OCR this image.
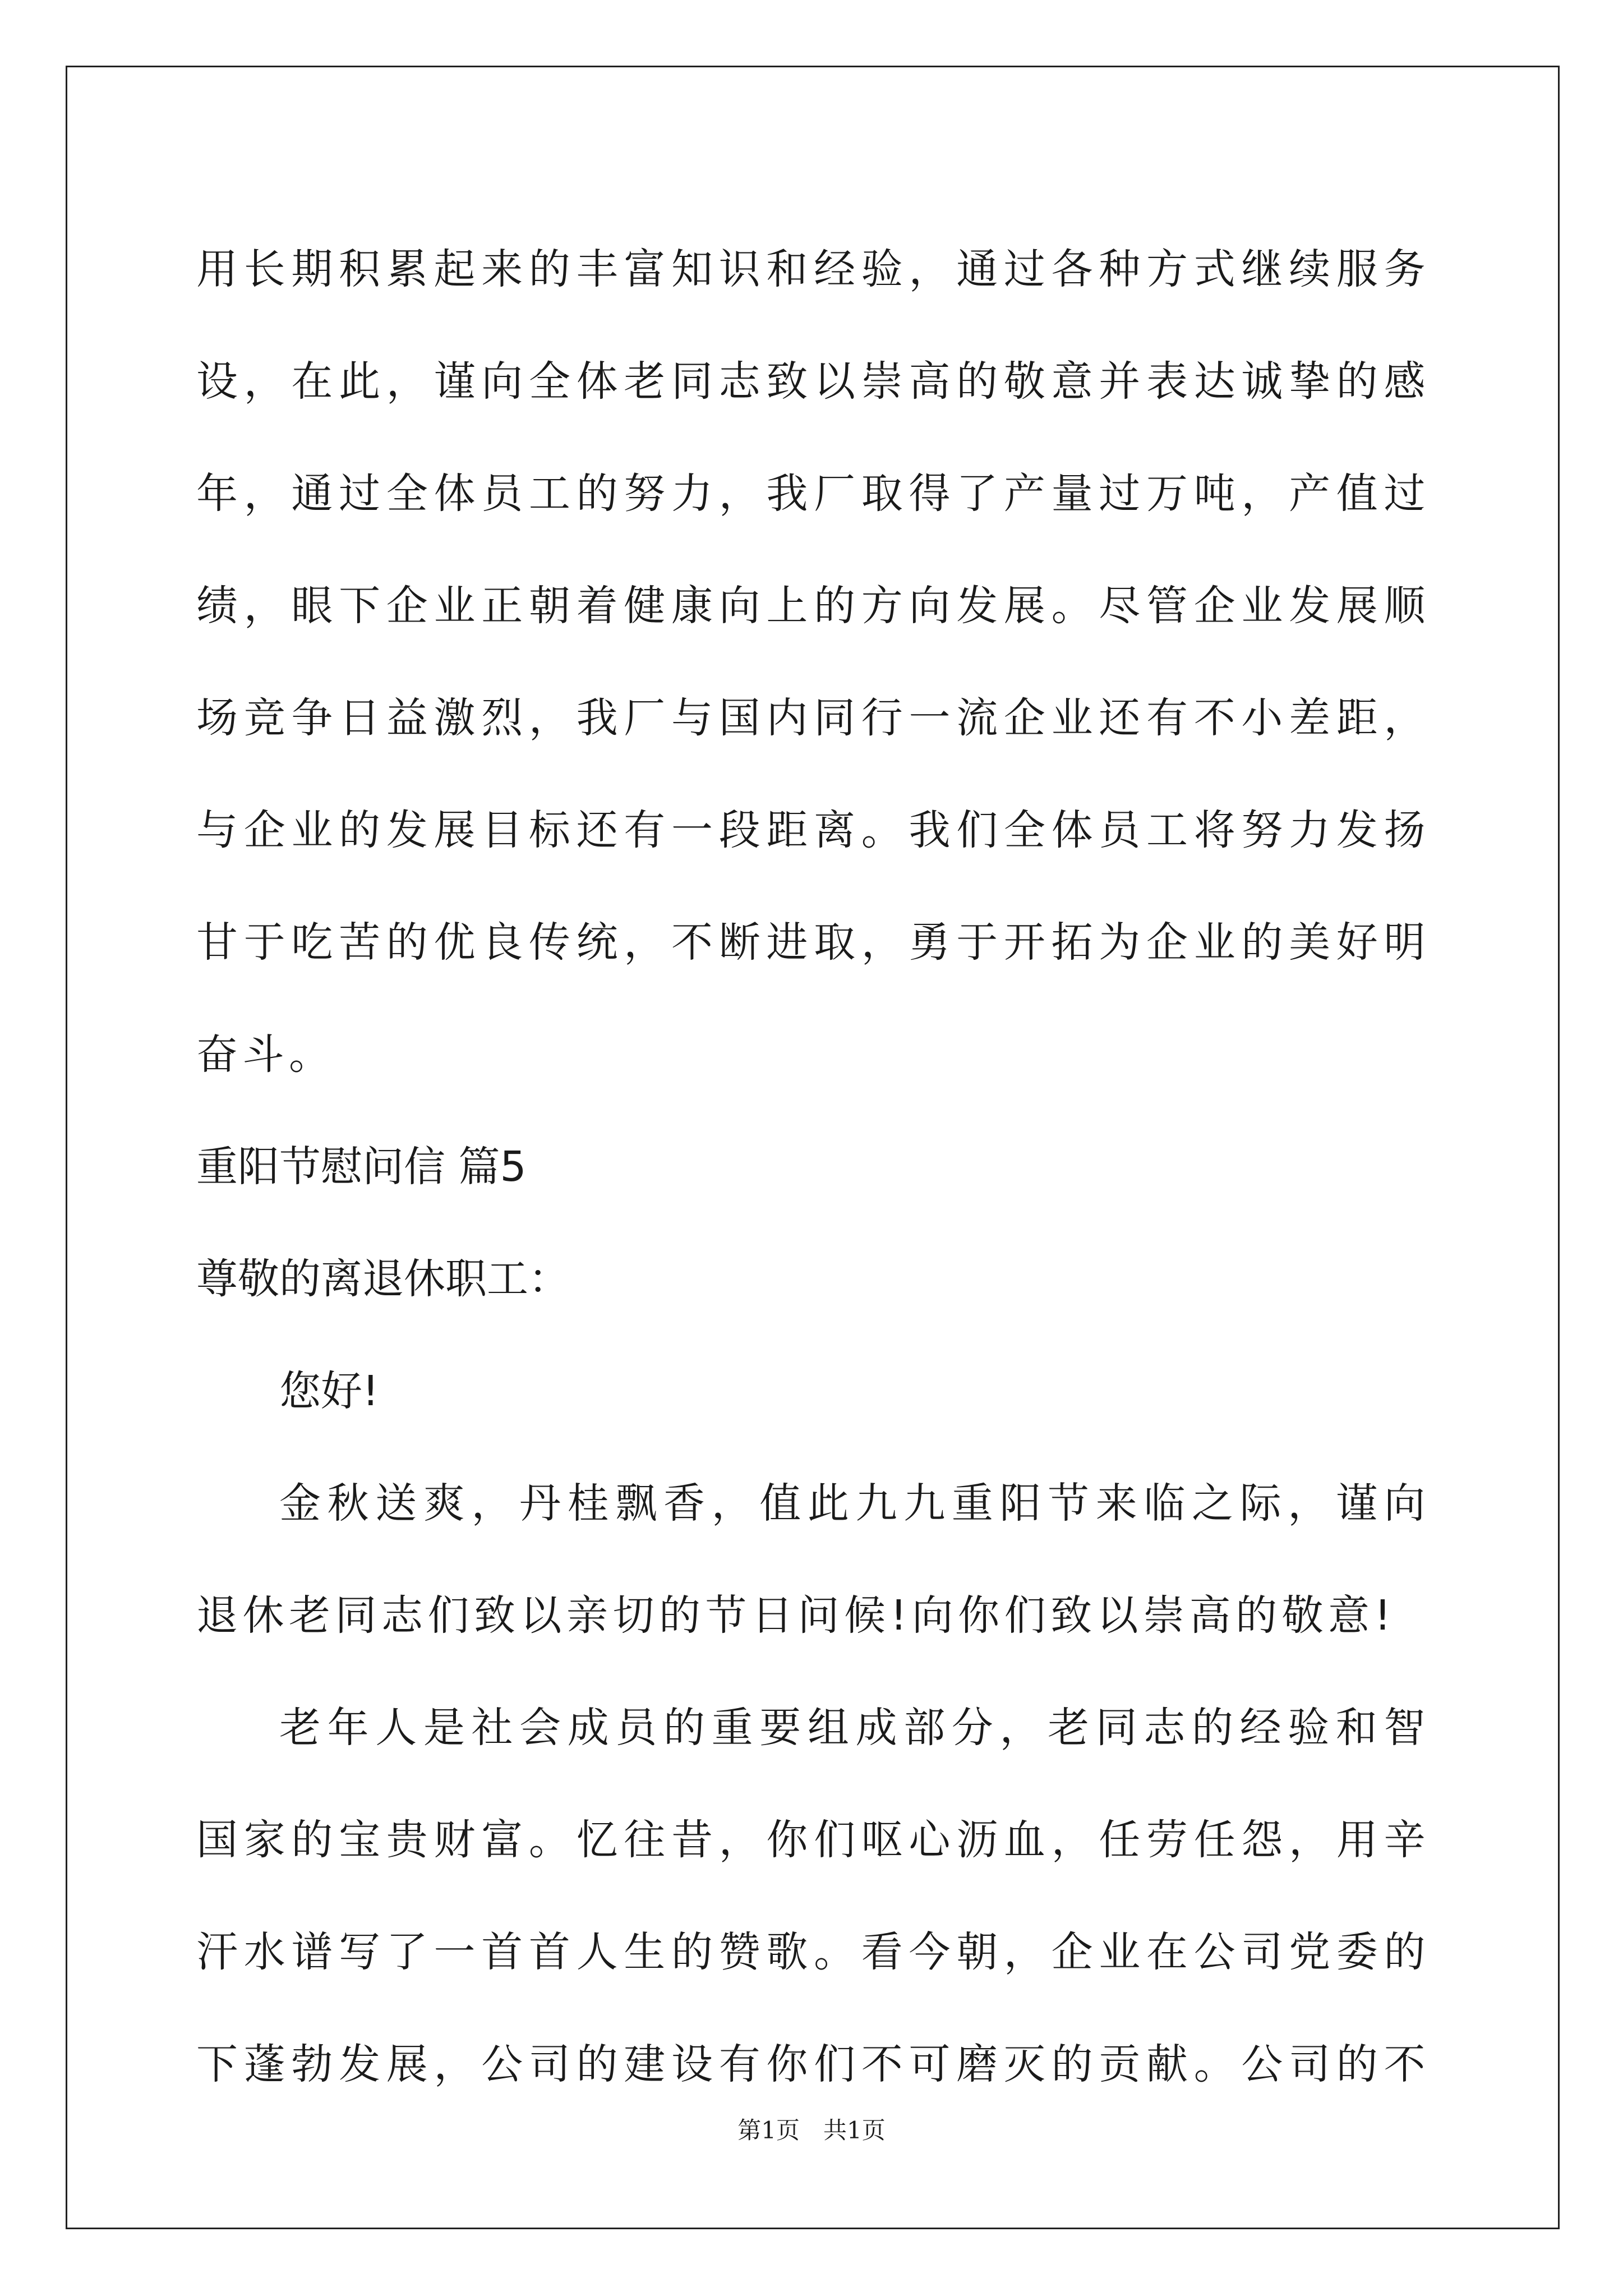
用长期积累起来的丰富知识和经验，通过各种方式继续服务

设，在此，谨向全体老同志致以崇高的敬意并表达诚挚的感

年，通过全体员工的努力，我厂取得了产量过万吨，产值过

绩，眼下企业正朝着健康向上的方向发展。尽管企业发展顺

场竞争日益激烈，我厂与国内同行一流企业还有不小差距，

与企业的发展目标还有一段距离。我们全体员工将努力发扬

甘于吃苦的优良传统，不断进取，勇于开拓为企业的美好明

奋斗。

重阳节慰问信 篇5

尊敬的离退休职工：

您好!

金秋送爽，丹桂飘香，值此九九重阳节来临之际，谨向

退休老同志们致以亲切的节日问候!向你们致以崇高的敬意!

老年人是社会成员的重要组成部分，老同志的经验和智

国家的宝贵财富。忆往昔，你们呕心沥血，任劳任怨，用辛

汗水谱写了一首首人生的赞歌。看今朝，企业在公司党委的

下蓬勃发展，公司的建设有你们不可磨灭的贡献。公司的不

第1页 共1页
